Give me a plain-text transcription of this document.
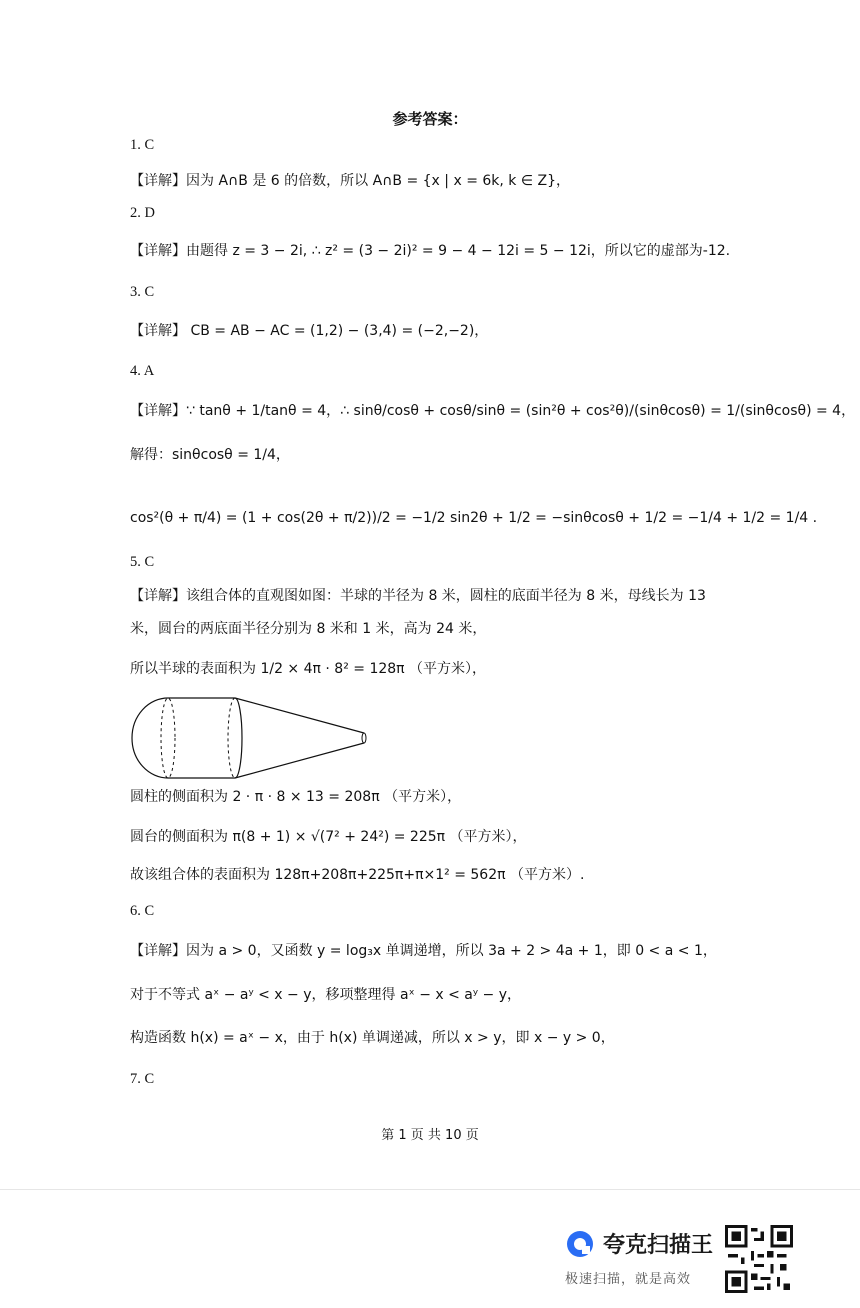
参考答案：
1. C
【详解】因为 A∩B 是 6 的倍数，所以 A∩B = {x | x = 6k, k ∈ Z}，
2. D
【详解】由题得 z = 3 − 2i, ∴ z² = (3 − 2i)² = 9 − 4 − 12i = 5 − 12i，所以它的虚部为-12.
3. C
【详解】 CB = AB − AC = (1,2) − (3,4) = (−2,−2)，
4. A
【详解】∵ tanθ + 1/tanθ = 4，∴ sinθ/cosθ + cosθ/sinθ = (sin²θ + cos²θ)/(sinθcosθ) = 1/(sinθcosθ) = 4，
解得：sinθcosθ = 1/4，
cos²(θ + π/4) = (1 + cos(2θ + π/2))/2 = −1/2 sin2θ + 1/2 = −sinθcosθ + 1/2 = −1/4 + 1/2 = 1/4 .
5. C
【详解】该组合体的直观图如图：半球的半径为 8 米，圆柱的底面半径为 8 米，母线长为 13
米，圆台的两底面半径分别为 8 米和 1 米，高为 24 米，
所以半球的表面积为 1/2 × 4π · 8² = 128π （平方米），
圆柱的侧面积为 2 · π · 8 × 13 = 208π （平方米），
圆台的侧面积为 π(8 + 1) × √(7² + 24²) = 225π （平方米），
故该组合体的表面积为 128π+208π+225π+π×1² = 562π （平方米）.
6. C
【详解】因为 a > 0，又函数 y = log₃x 单调递增，所以 3a + 2 > 4a + 1，即 0 < a < 1，
对于不等式 aˣ − aʸ < x − y，移项整理得 aˣ − x < aʸ − y，
构造函数 h(x) = aˣ − x，由于 h(x) 单调递减，所以 x > y，即 x − y > 0，
7. C
第 1 页 共 10 页
夸克扫描王
极速扫描，就是高效
